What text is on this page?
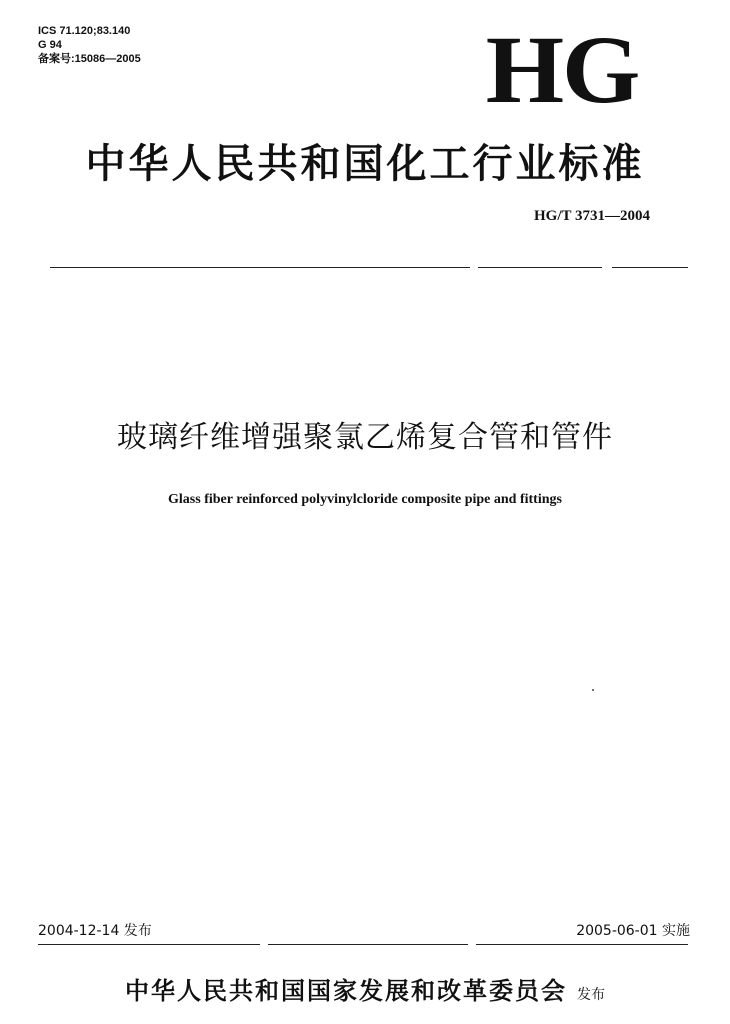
ICS 71.120;83.140
G 94
备案号:15086—2005	HG
中华人民共和国化工行业标准
HG/T 3731—2004
玻璃纤维增强聚氯乙烯复合管和管件
Glass fiber reinforced polyvinylcloride composite pipe and fittings
2004-12-14 发布	2005-06-01 实施
中华人民共和国国家发展和改革委员会 发布
